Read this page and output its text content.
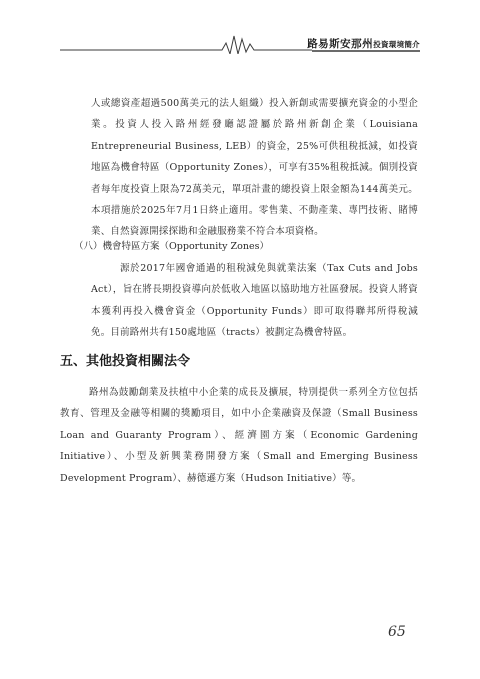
路易斯安那州投資環境簡介

人或總資產超過500萬美元的法人組織）投入新創或需要擴充資金的小型企業。投資人投入路州經發廳認證屬於路州新創企業（Louisiana Entrepreneurial Business, LEB）的資金，25%可供租稅抵減，如投資地區為機會特區（Opportunity Zones），可享有35%租稅抵減。個別投資者每年度投資上限為72萬美元，單項計畫的總投資上限金額為144萬美元。本項措施於2025年7月1日終止適用。零售業、不動產業、專門技術、賭博業、自然資源開採探勘和金融服務業不符合本項資格。

（八）機會特區方案（Opportunity Zones）

源於2017年國會通過的租稅減免與就業法案（Tax Cuts and Jobs Act），旨在將長期投資導向於低收入地區以協助地方社區發展。投資人將資本獲利再投入機會資金（Opportunity Funds）即可取得聯邦所得稅減免。目前路州共有150處地區（tracts）被劃定為機會特區。

五、其他投資相關法令

路州為鼓勵創業及扶植中小企業的成長及擴展，特別提供一系列全方位包括教育、管理及金融等相關的獎勵項目，如中小企業融資及保證（Small Business Loan and Guaranty Program）、經濟園方案（Economic Gardening Initiative）、小型及新興業務開發方案（Small and Emerging Business Development Program）、赫德遜方案（Hudson Initiative）等。

65
